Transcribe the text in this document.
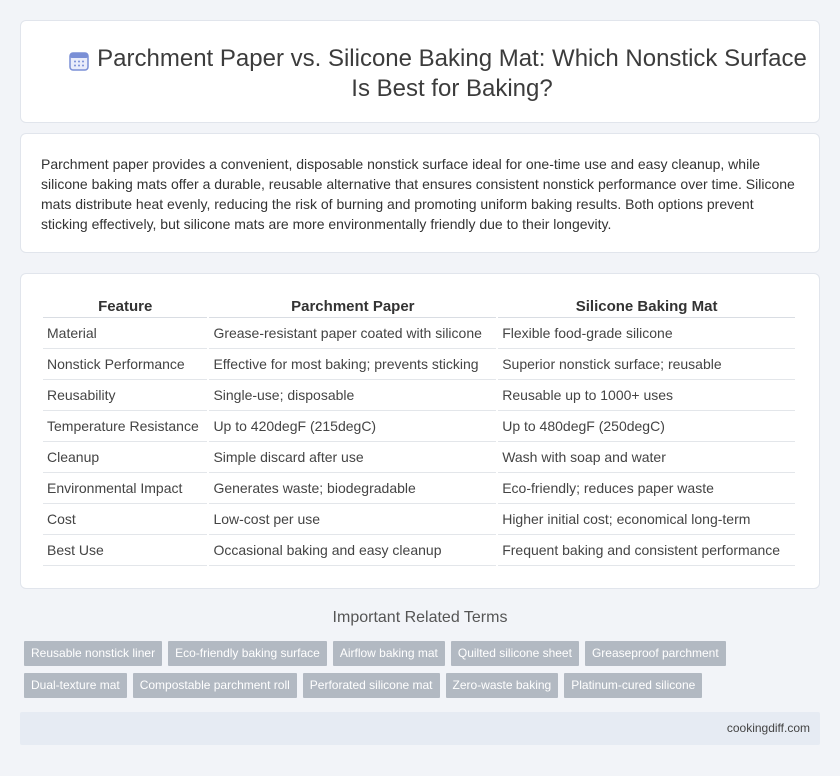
Parchment Paper vs. Silicone Baking Mat: Which Nonstick Surface Is Best for Baking?

Parchment paper provides a convenient, disposable nonstick surface ideal for one-time use and easy cleanup, while silicone baking mats offer a durable, reusable alternative that ensures consistent nonstick performance over time. Silicone mats distribute heat evenly, reducing the risk of burning and promoting uniform baking results. Both options prevent sticking effectively, but silicone mats are more environmentally friendly due to their longevity.

Feature	Parchment Paper	Silicone Baking Mat
Material	Grease-resistant paper coated with silicone	Flexible food-grade silicone
Nonstick Performance	Effective for most baking; prevents sticking	Superior nonstick surface; reusable
Reusability	Single-use; disposable	Reusable up to 1000+ uses
Temperature Resistance	Up to 420degF (215degC)	Up to 480degF (250degC)
Cleanup	Simple discard after use	Wash with soap and water
Environmental Impact	Generates waste; biodegradable	Eco-friendly; reduces paper waste
Cost	Low-cost per use	Higher initial cost; economical long-term
Best Use	Occasional baking and easy cleanup	Frequent baking and consistent performance
Important Related Terms
Reusable nonstick liner	Eco-friendly baking surface	Airflow baking mat	Quilted silicone sheet	Greaseproof parchment
Dual-texture mat	Compostable parchment roll	Perforated silicone mat	Zero-waste baking	Platinum-cured silicone
cookingdiff.com
